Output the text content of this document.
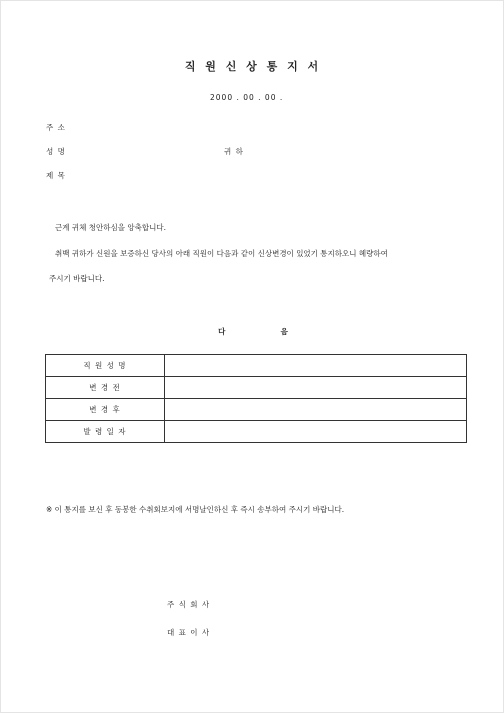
직 원 신 상 통 지 서
2000 . 00 . 00 .
주 소
성 명	귀 하
제 목
근계 귀체 청안하심을 앙축합니다.
취백 귀하가 신원을 보증하신 당사의 아래 직원이 다음과 같이 신상변경이 있었기 통지하오니 혜량하여
주시기 바랍니다.
다	음
직 원 성 명	
변 경 전	
변 경 후	
발 령 일 자	
※ 이 통지를 보신 후 동봉한 수취회보지에 서명날인하신 후 즉시 송부하여 주시기 바랍니다.
주 식 회 사
대 표 이 사
